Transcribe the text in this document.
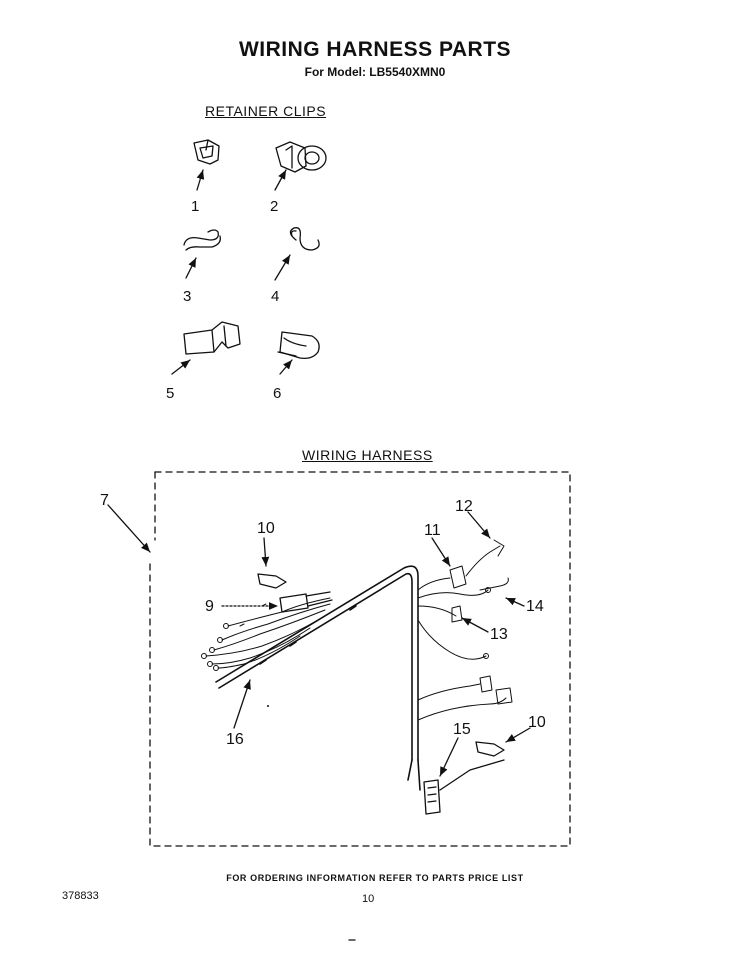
WIRING HARNESS PARTS
For Model: LB5540XMN0
RETAINER CLIPS
1	2
3	4
5	6
WIRING HARNESS
7
10
9
11
12
14
13
10
15
16
FOR ORDERING INFORMATION REFER TO PARTS PRICE LIST
378833	10
